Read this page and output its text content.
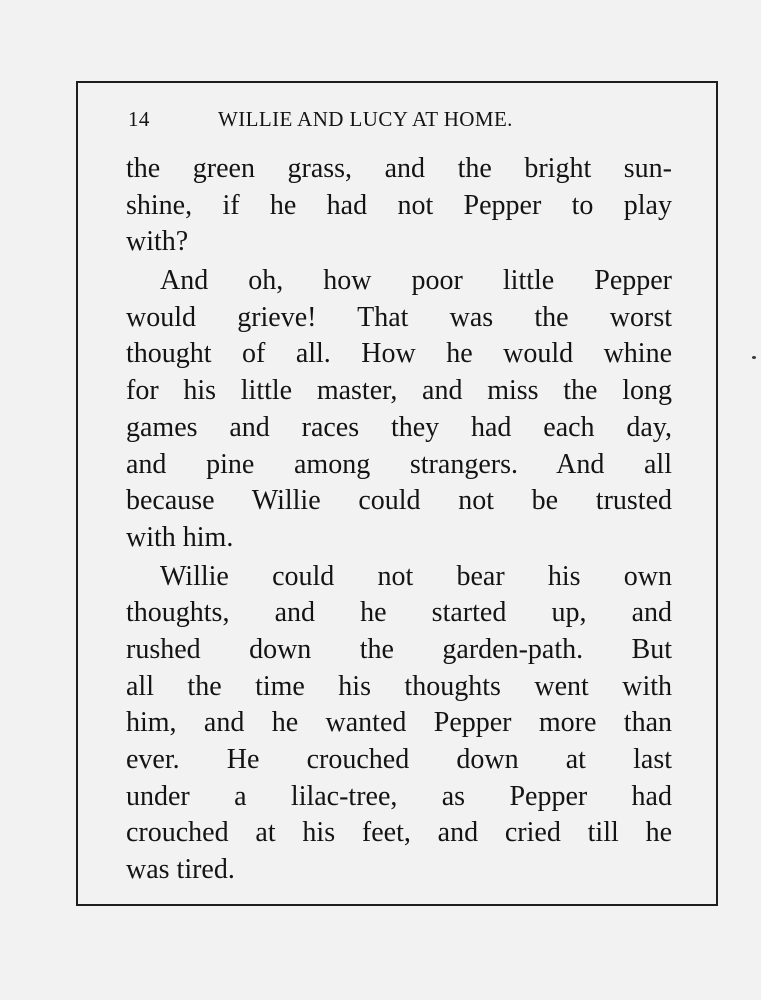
14	WILLIE AND LUCY AT HOME.
the green grass, and the bright sun-
shine, if he had not Pepper to play
with?
And oh, how poor little Pepper
would grieve! That was the worst
thought of all. How he would whine
for his little master, and miss the long
games and races they had each day,
and pine among strangers. And all
because Willie could not be trusted
with him.
Willie could not bear his own
thoughts, and he started up, and
rushed down the garden-path. But
all the time his thoughts went with
him, and he wanted Pepper more than
ever. He crouched down at last
under a lilac-tree, as Pepper had
crouched at his feet, and cried till he
was tired.
